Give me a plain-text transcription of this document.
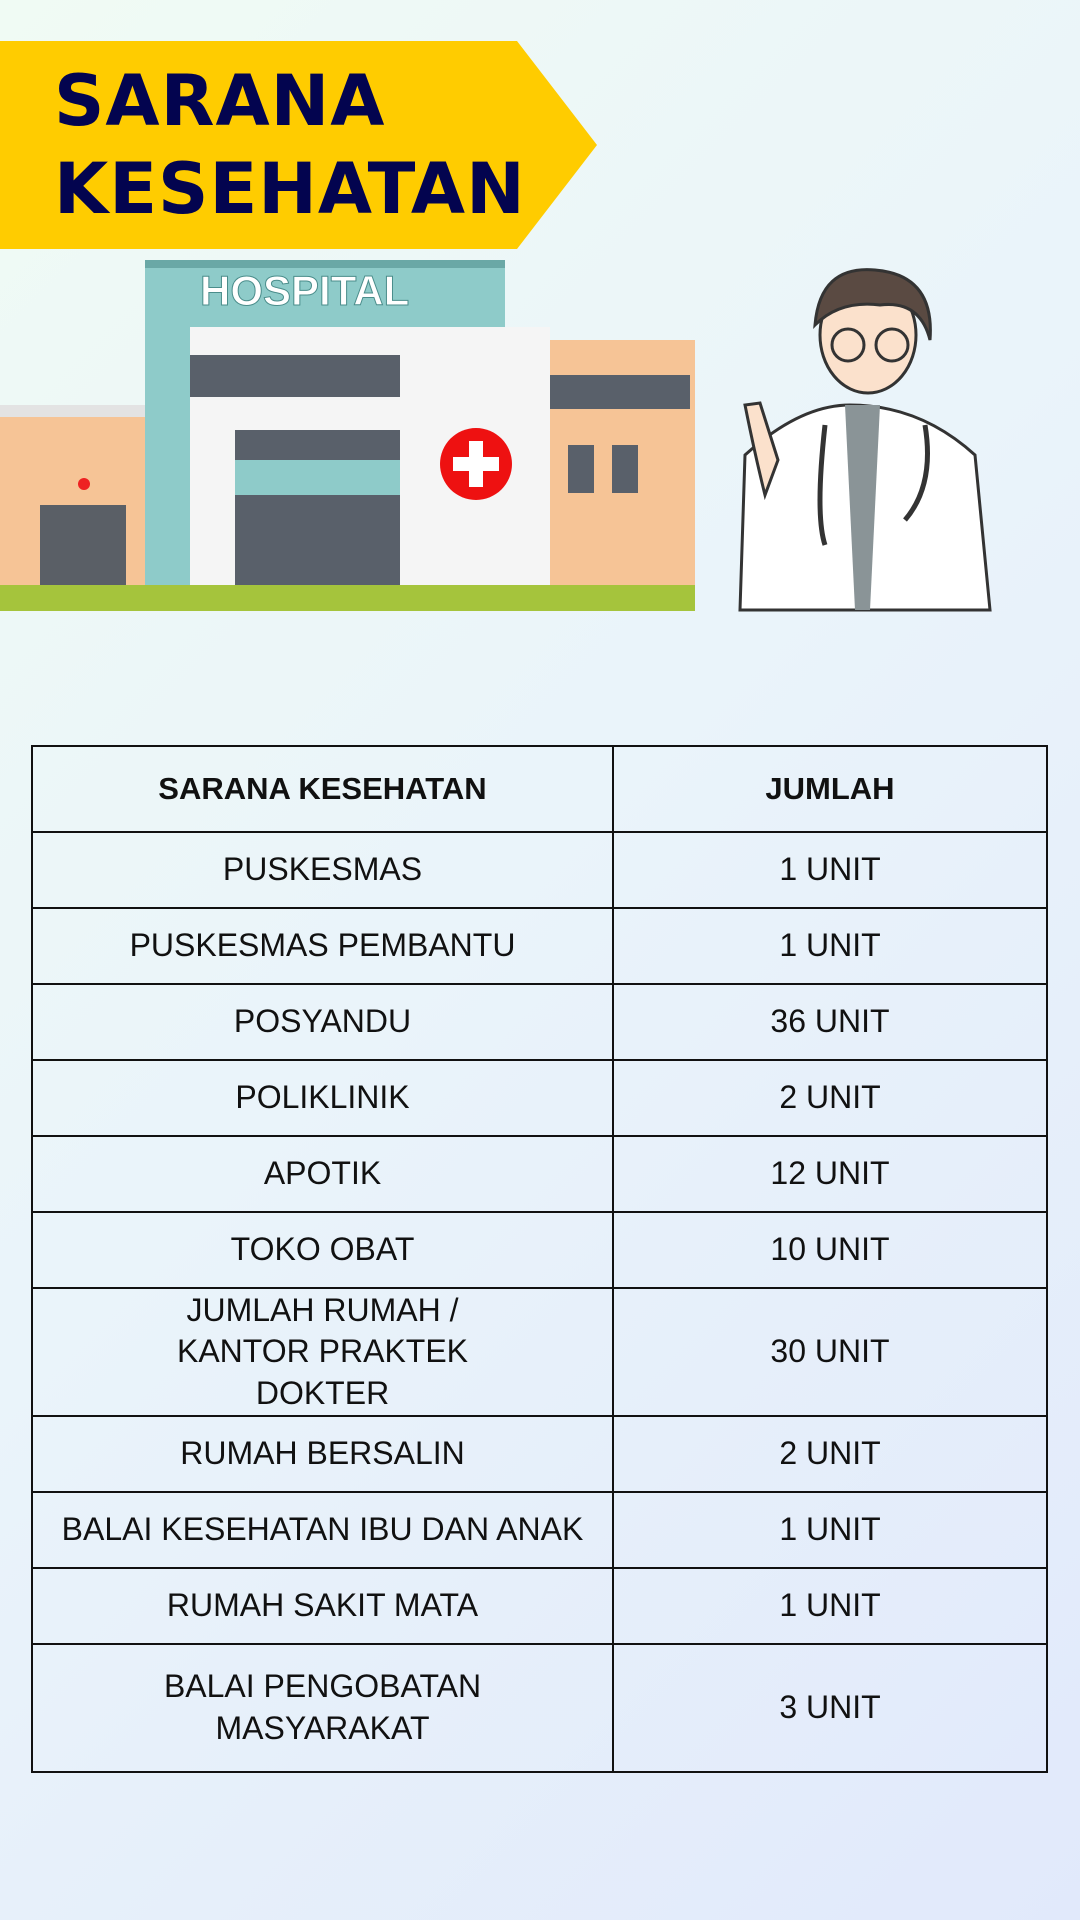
SARANA
KESEHATAN
HOSPITAL
SARANA KESEHATAN	JUMLAH
PUSKESMAS	1 UNIT
PUSKESMAS PEMBANTU	1 UNIT
POSYANDU	36 UNIT
POLIKLINIK	2 UNIT
APOTIK	12 UNIT
TOKO OBAT	10 UNIT
JUMLAH RUMAH / KANTOR PRAKTEK DOKTER	30 UNIT
RUMAH BERSALIN	2 UNIT
BALAI KESEHATAN IBU DAN ANAK	1 UNIT
RUMAH SAKIT MATA	1 UNIT
BALAI PENGOBATAN MASYARAKAT	3 UNIT
